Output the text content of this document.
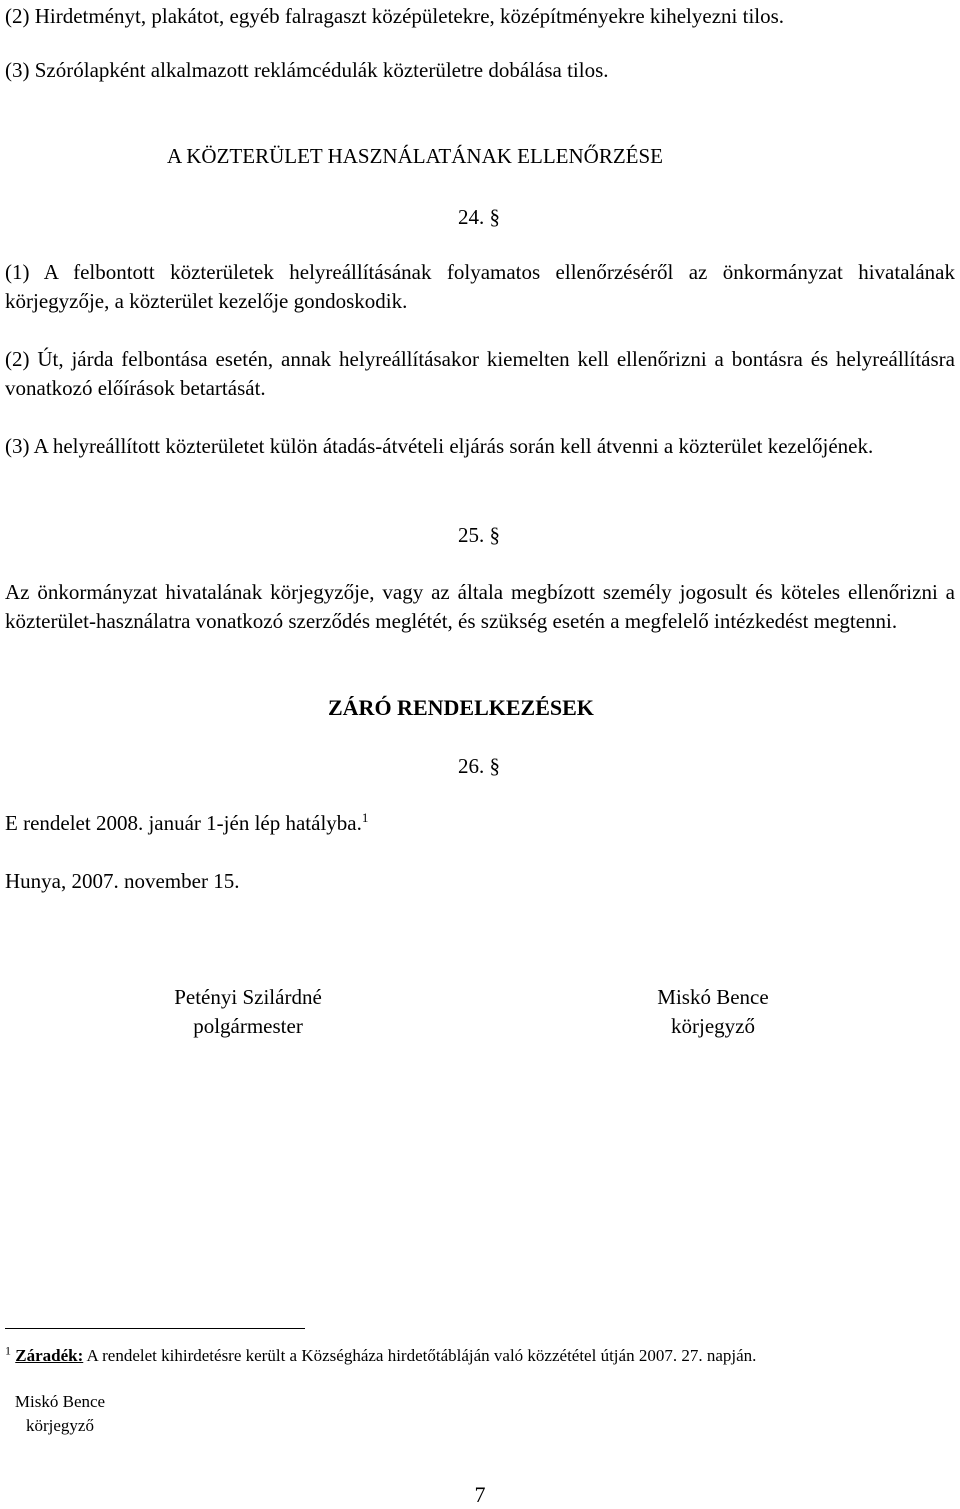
(2) Hirdetményt, plakátot, egyéb falragaszt középületekre, középítményekre kihelyezni tilos.
(3) Szórólapként alkalmazott reklámcédulák közterületre dobálása tilos.
A KÖZTERÜLET HASZNÁLATÁNAK ELLENŐRZÉSE
24. §
(1) A felbontott közterületek helyreállításának folyamatos ellenőrzéséről az önkormányzat hivatalának körjegyzője, a közterület kezelője gondoskodik.
(2) Út, járda felbontása esetén, annak helyreállításakor kiemelten kell ellenőrizni a bontásra és helyreállításra vonatkozó előírások betartását.
(3) A helyreállított közterületet külön átadás-átvételi eljárás során kell átvenni a közterület kezelőjének.
25. §
Az önkormányzat hivatalának körjegyzője, vagy az általa megbízott személy jogosult és köteles ellenőrizni a közterület-használatra vonatkozó szerződés meglétét, és szükség esetén a megfelelő intézkedést megtenni.
ZÁRÓ RENDELKEZÉSEK
26. §
E rendelet 2008. január 1-jén lép hatályba.$^1$
Hunya, 2007. november 15.
Petényi Szilárdné
polgármester
Miskó Bence
körjegyző
$^1$ Záradék: A rendelet kihirdetésre került a Községháza hirdetőtábláján való közzététel útján 2007. 27. napján.
Miskó Bence
körjegyző
7
